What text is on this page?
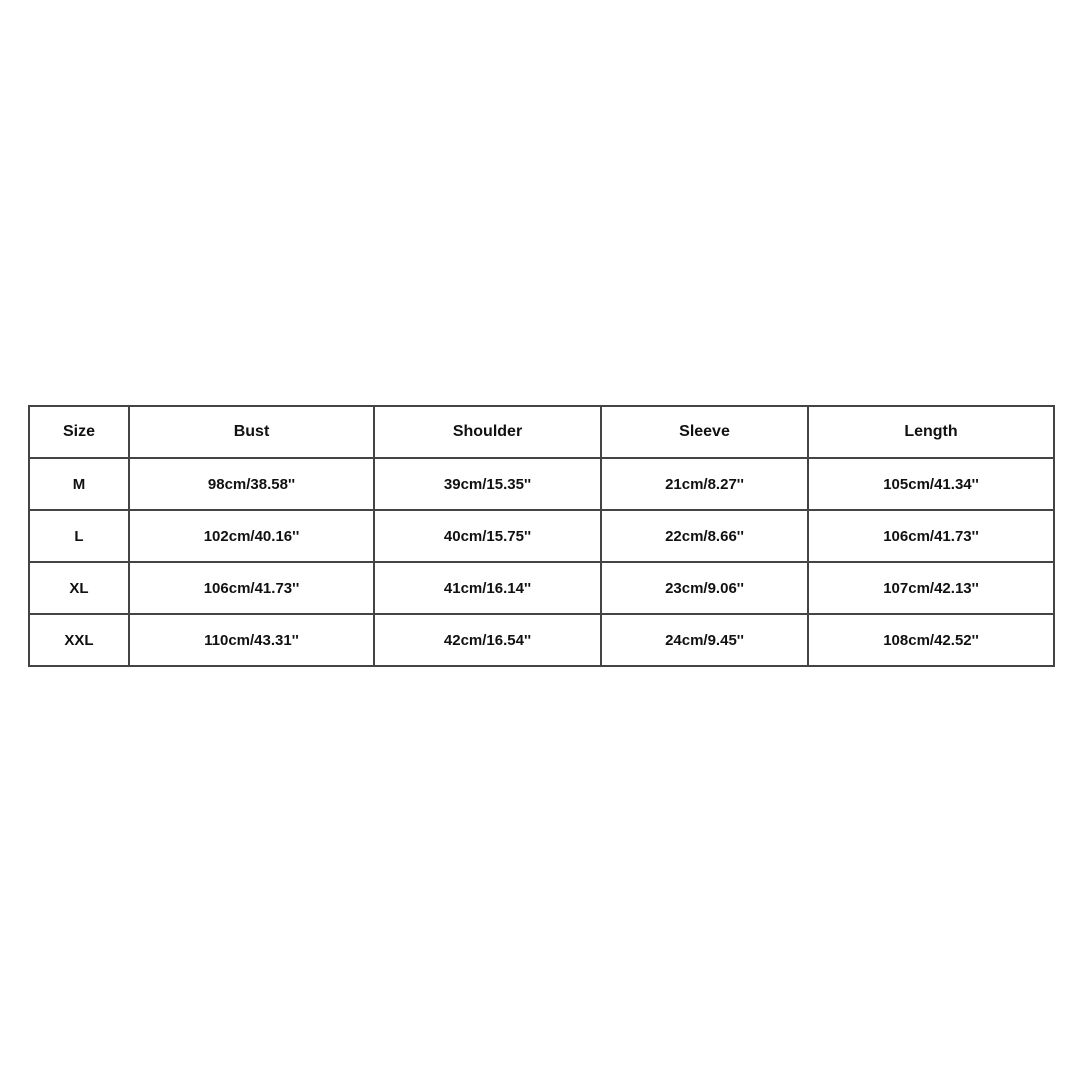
Size	Bust	Shoulder	Sleeve	Length
M	98cm/38.58''	39cm/15.35''	21cm/8.27''	105cm/41.34''
L	102cm/40.16''	40cm/15.75''	22cm/8.66''	106cm/41.73''
XL	106cm/41.73''	41cm/16.14''	23cm/9.06''	107cm/42.13''
XXL	110cm/43.31''	42cm/16.54''	24cm/9.45''	108cm/42.52''
